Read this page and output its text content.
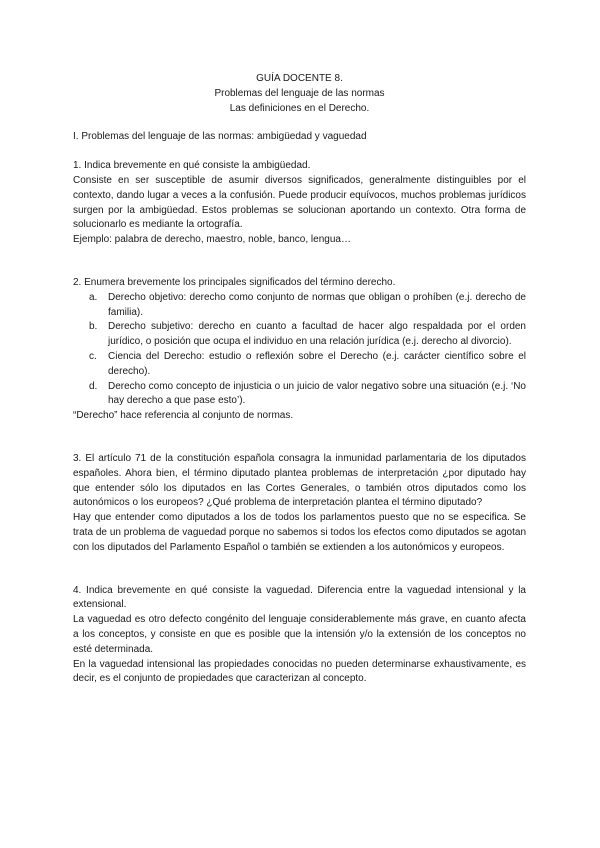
GUÍA DOCENTE 8.
Problemas del lenguaje de las normas
Las definiciones en el Derecho.

I. Problemas del lenguaje de las normas: ambigüedad y vaguedad

1. Indica brevemente en qué consiste la ambigüedad.

Consiste en ser susceptible de asumir diversos significados, generalmente distinguibles por el contexto, dando lugar a veces a la confusión. Puede producir equívocos, muchos problemas jurídicos surgen por la ambigüedad. Estos problemas se solucionan aportando un contexto. Otra forma de solucionarlo es mediante la ortografía.

Ejemplo: palabra de derecho, maestro, noble, banco, lengua…

2. Enumera brevemente los principales significados del término derecho.

a. Derecho objetivo: derecho como conjunto de normas que obligan o prohíben (e.j. derecho de familia).
b. Derecho subjetivo: derecho en cuanto a facultad de hacer algo respaldada por el orden jurídico, o posición que ocupa el individuo en una relación jurídica (e.j. derecho al divorcio).
c. Ciencia del Derecho: estudio o reflexión sobre el Derecho (e.j. carácter científico sobre el derecho).
d. Derecho como concepto de injusticia o un juicio de valor negativo sobre una situación (e.j. ‘No hay derecho a que pase esto’).

“Derecho” hace referencia al conjunto de normas.

3. El artículo 71 de la constitución española consagra la inmunidad parlamentaria de los diputados españoles. Ahora bien, el término diputado plantea problemas de interpretación ¿por diputado hay que entender sólo los diputados en las Cortes Generales, o también otros diputados como los autonómicos o los europeos? ¿Qué problema de interpretación plantea el término diputado?

Hay que entender como diputados a los de todos los parlamentos puesto que no se especifica. Se trata de un problema de vaguedad porque no sabemos si todos los efectos como diputados se agotan con los diputados del Parlamento Español o también se extienden a los autonómicos y europeos.

4. Indica brevemente en qué consiste la vaguedad. Diferencia entre la vaguedad intensional y la extensional.

La vaguedad es otro defecto congénito del lenguaje considerablemente más grave, en cuanto afecta a los conceptos, y consiste en que es posible que la intensión y/o la extensión de los conceptos no esté determinada.

En la vaguedad intensional las propiedades conocidas no pueden determinarse exhaustivamente, es decir, es el conjunto de propiedades que caracterizan al concepto.
